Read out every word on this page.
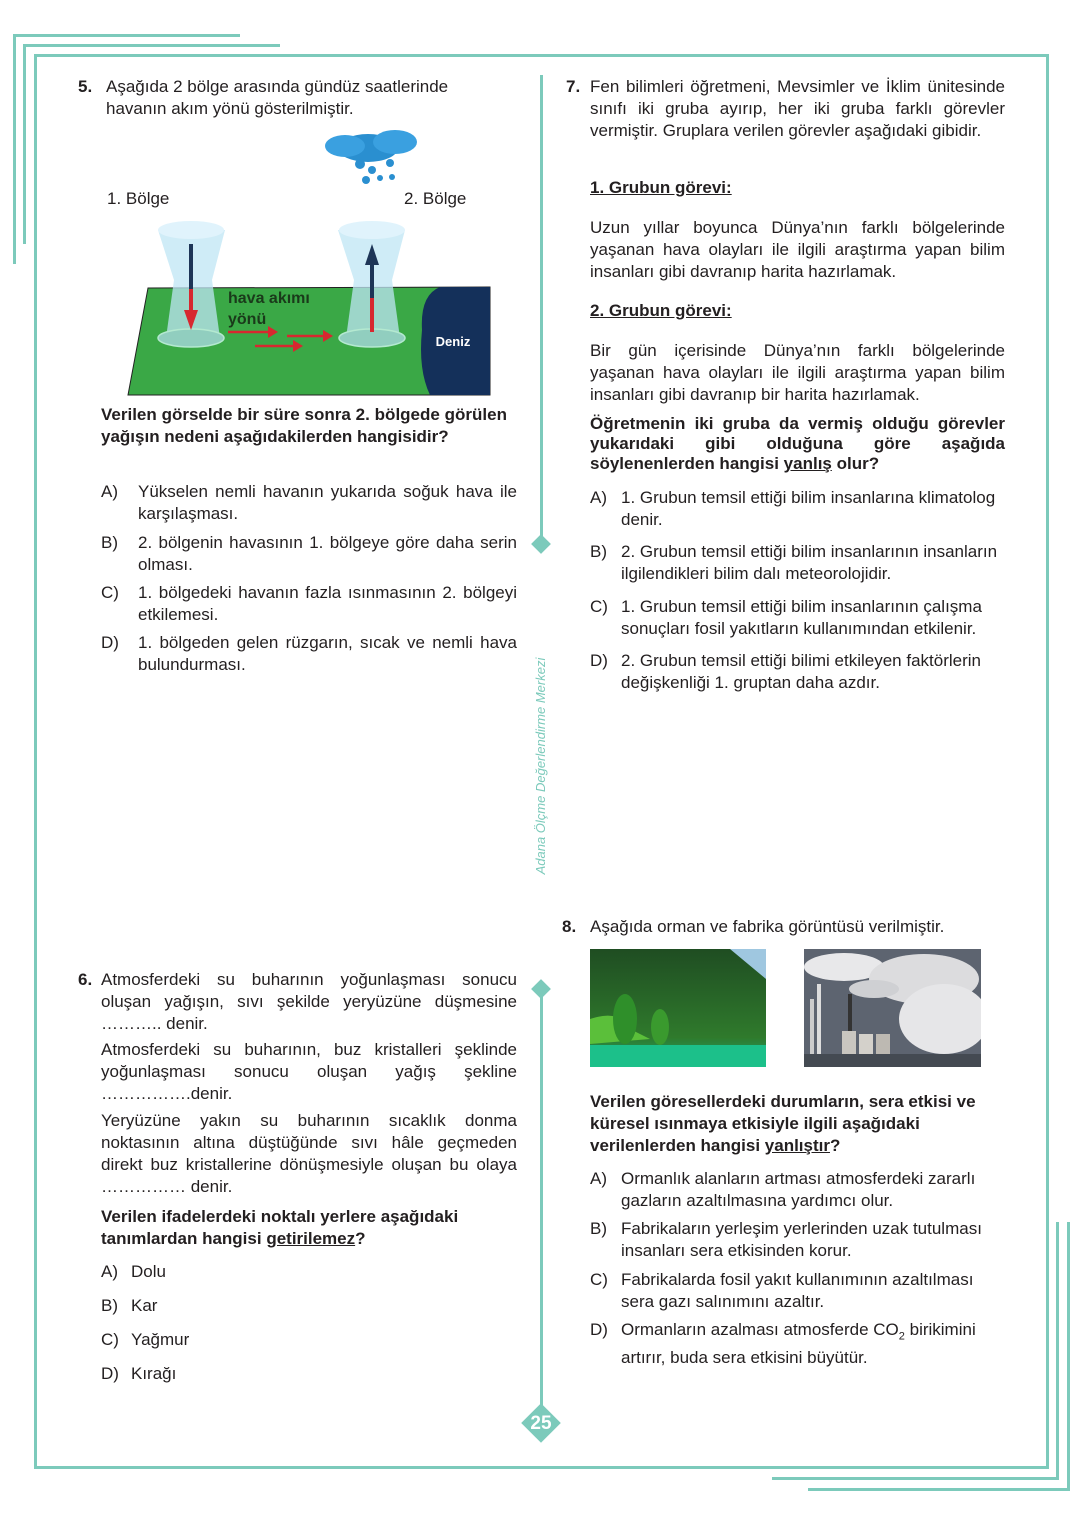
25
Adana Ölçme Değerlendirme Merkezi
5. Aşağıda 2 bölge arasında gündüz saatlerinde havanın akım yönü gösterilmiştir.
Deniz
hava akımı
yönü
1. Bölge	2. Bölge
Verilen görselde bir süre sonra 2. bölgede görülen yağışın nedeni aşağıdakilerden hangisidir?
A)	Yükselen nemli havanın yukarıda soğuk hava ile karşılaşması.
B)	2. bölgenin havasının 1. bölgeye göre daha serin olması.
C)	1. bölgedeki havanın fazla ısınmasının 2. bölgeyi etkilemesi.
D)	1. bölgeden gelen rüzgarın, sıcak ve nemli hava bulundurması.
6. Atmosferdeki su buharının yoğunlaşması sonucu oluşan yağışın, sıvı şekilde yeryüzüne düşmesine ……….. denir.
Atmosferdeki su buharının, buz kristalleri şeklinde yoğunlaşması sonucu oluşan yağış şekline …………….denir.
Yeryüzüne yakın su buharının sıcaklık donma noktasının altına düştüğünde sıvı hâle geçmeden direkt buz kristallerine dönüşmesiyle oluşan bu olaya …………… denir.
Verilen ifadelerdeki noktalı yerlere aşağıdaki tanımlardan hangisi getirilemez?
A) Dolu
B) Kar
C) Yağmur
D) Kırağı
7. Fen bilimleri öğretmeni, Mevsimler ve İklim ünitesinde sınıfı iki gruba ayırıp, her iki gruba farklı görevler vermiştir. Gruplara verilen görevler aşağıdaki gibidir.
1. Grubun görevi:
Uzun yıllar boyunca Dünya’nın farklı bölgelerinde yaşanan hava olayları ile ilgili araştırma yapan bilim insanları gibi davranıp harita hazırlamak.
2. Grubun görevi:
Bir gün içerisinde Dünya’nın farklı bölgelerinde yaşanan hava olayları ile ilgili araştırma yapan bilim insanları gibi davranıp bir harita hazırlamak.
Öğretmenin iki gruba da vermiş olduğu görevler yukarıdaki gibi olduğuna göre aşağıda söylenenlerden hangisi yanlış olur?
A) 1. Grubun temsil ettiği bilim insanlarına klimatolog denir.
B) 2. Grubun temsil ettiği bilim insanlarının insanların ilgilendikleri bilim dalı meteorolojidir.
C) 1. Grubun temsil ettiği bilim insanlarının çalışma sonuçları fosil yakıtların kullanımından etkilenir.
D) 2. Grubun temsil ettiği bilimi etkileyen faktörlerin değişkenliği 1. gruptan daha azdır.
8. Aşağıda orman ve fabrika görüntüsü verilmiştir.
Verilen göresellerdeki durumların, sera etkisi ve küresel ısınmaya etkisiyle ilgili aşağıdaki verilenlerden hangisi yanlıştır?
A) Ormanlık alanların artması atmosferdeki zararlı gazların azaltılmasına yardımcı olur.
B) Fabrikaların yerleşim yerlerinden uzak tutulması insanları sera etkisinden korur.
C) Fabrikalarda fosil yakıt kullanımının azaltılması sera gazı salınımını azaltır.
D) Ormanların azalması atmosferde $CO_2$ birikimini artırır, buda sera etkisini büyütür.
